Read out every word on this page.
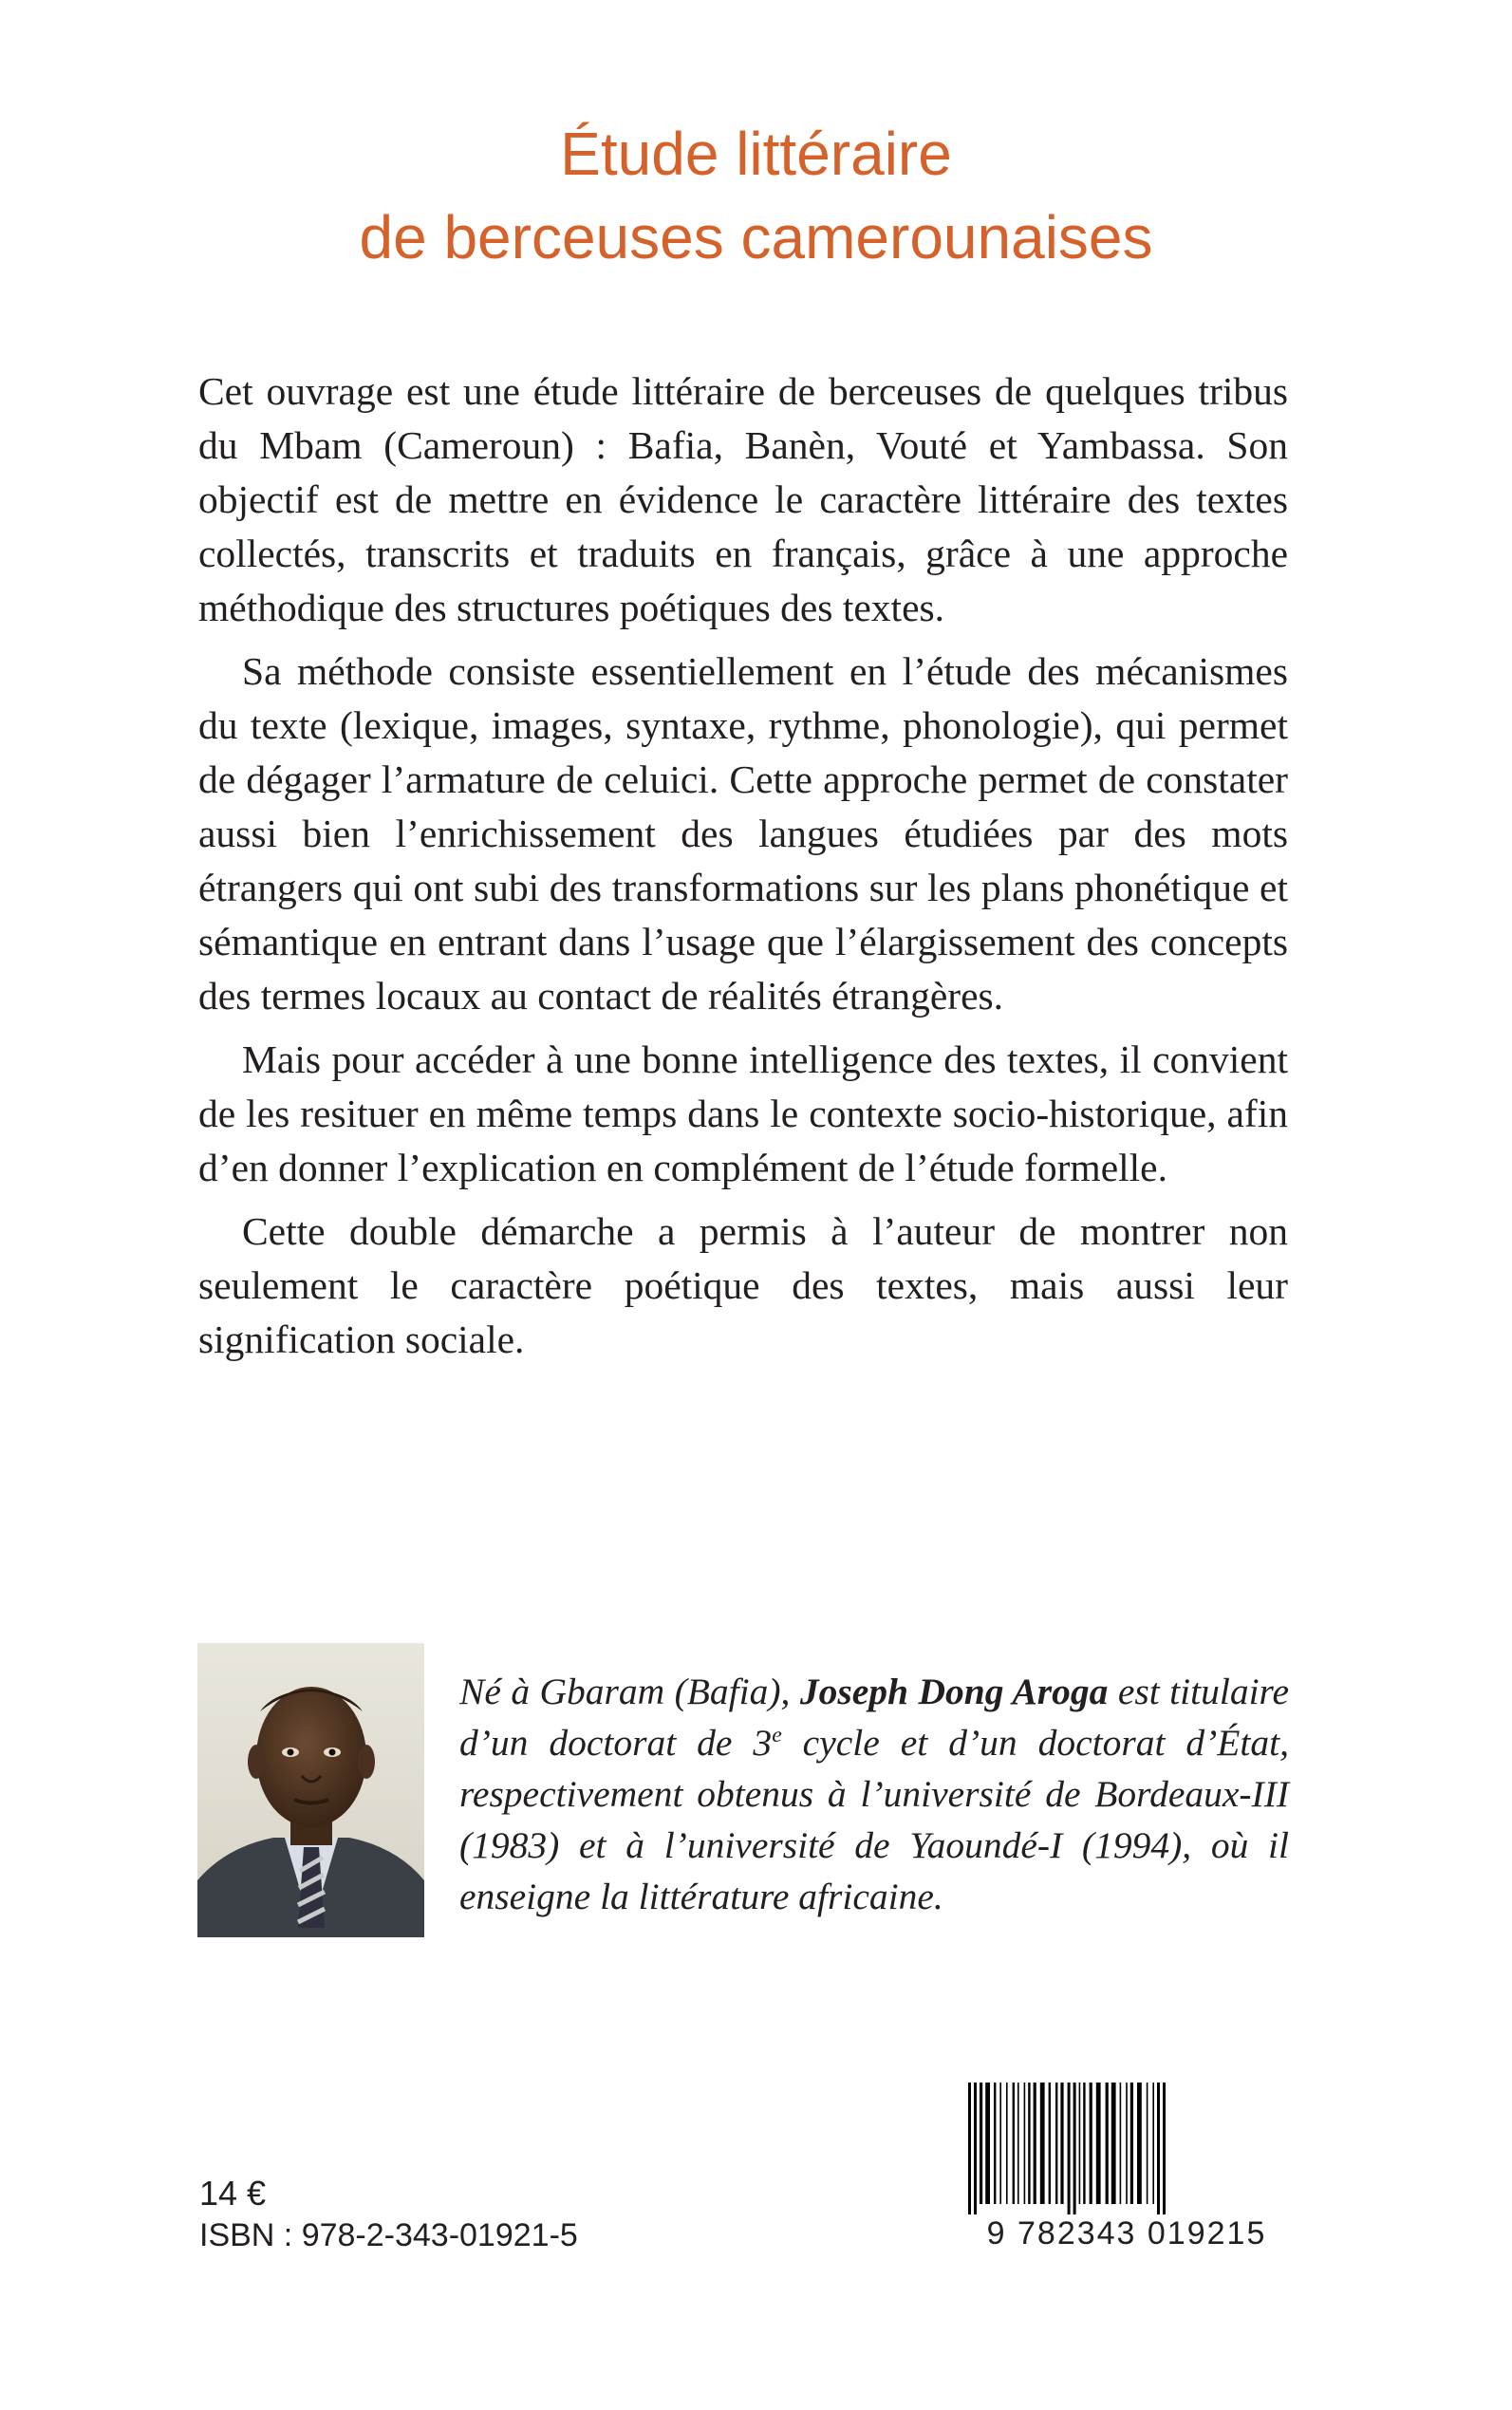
Étude littéraire
de berceuses camerounaises

Cet ouvrage est une étude littéraire de berceuses de quelques tribus du Mbam (Cameroun) : Bafia, Banèn, Vouté et Yambassa. Son objectif est de mettre en évidence le caractère littéraire des textes collectés, transcrits et traduits en français, grâce à une approche méthodique des structures poétiques des textes.

Sa méthode consiste essentiellement en l’étude des mécanismes du texte (lexique, images, syntaxe, rythme, phonologie), qui permet de dégager l’armature de celuici. Cette approche permet de constater aussi bien l’enrichissement des langues étudiées par des mots étrangers qui ont subi des transformations sur les plans phonétique et sémantique en entrant dans l’usage que l’élargissement des concepts des termes locaux au contact de réalités étrangères.

Mais pour accéder à une bonne intelligence des textes, il convient de les resituer en même temps dans le contexte socio-historique, afin d’en donner l’explication en complément de l’étude formelle.

Cette double démarche a permis à l’auteur de montrer non seulement le caractère poétique des textes, mais aussi leur signification sociale.

Né à Gbaram (Bafia), Joseph Dong Aroga est titulaire d’un doctorat de 3e cycle et d’un doctorat d’État, respectivement obtenus à l’université de Bordeaux-III (1983) et à l’université de Yaoundé-I (1994), où il enseigne la littérature africaine.
14 €
ISBN : 978-2-343-01921-5	9 782343 019215
